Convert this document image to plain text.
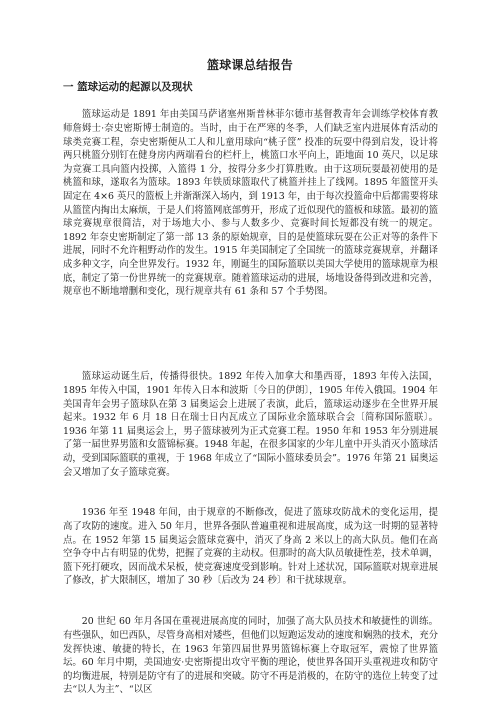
篮球课总结报告
一 篮球运动的起源以及现状

篮球运动是 1891 年由美国马萨诸塞州斯普林菲尔德市基督教青年会训练学校体育教师詹姆士·奈史密斯博士制造的。当时，由于在严寒的冬季，人们缺乏室内进展体育活动的球类竞赛工程，奈史密斯便从工人和儿童用球向“桃子筐” 投准的玩耍中得到启发，设计将两只桃篮分别钉在健身房内两端看台的栏杆上，桃篮口水平向上，距地面 10 英尺，以足球为竞赛工具向篮内投掷，入篮得 1 分，按得分多少打算胜败。由于这项玩耍最初使用的是桃篮和球，遂取名为篮球。1893 年铁质球篮取代了桃篮并挂上了线网。1895 年篮筐开头固定在 4×6 英尺的篮板上并渐渐深入场内，到 1913 年，由于每次投篮命中后都需要将球从篮筐内掏出太麻烦，于是人们将篮网底部剪开，形成了近似现代的篮板和球篮。最初的篮球竞赛规章很简洁，对于场地大小、参与人数多少、竞赛时间长短都没有统一的规定。1892 年奈史密斯制定了第一部 13 条的原始规章，目的是使篮球玩耍在公正对等的条件下进展，同时不允许粗野动作的发生。1915 年美国制定了全国统一的篮球竞赛规章，并翻译成多种文字，向全世界发行。1932 年，刚诞生的国际篮联以美国大学使用的篮球规章为根底，制定了第一份世界统一的竞赛规章。随着篮球运动的进展，场地设备得到改进和完善，规章也不断地增删和变化，现行规章共有 61 条和 57 个手势图。

篮球运动诞生后，传播得很快。1892 年传入加拿大和墨西哥，1893 年传入法国，1895 年传入中国，1901 年传入日本和波斯〔今日的伊朗〕，1905 年传入俄国。1904 年美国青年会男子篮球队在第 3 届奥运会上进展了表演，此后，篮球运动逐步在全世界开展起来。1932 年 6 月 18 日在瑞士日内瓦成立了国际业余篮球联合会〔简称国际篮联〕。1936 年第 11 届奥运会上，男子篮球被列为正式竞赛工程。1950 年和 1953 年分别进展了第一届世界男篮和女篮锦标赛。1948 年起，在很多国家的少年儿童中开头消灭小篮球活动，受到国际篮联的重视，于 1968 年成立了“国际小篮球委员会”。1976 年第 21 届奥运会又增加了女子篮球竞赛。

1936 年至 1948 年间，由于规章的不断修改，促进了篮球攻防战术的变化运用，提高了攻防的速度。进入 50 年月，世界各强队普遍重视和进展高度，成为这一时期的显著特点。在 1952 年第 15 届奥运会篮球竞赛中，消灭了身高 2 米以上的高大队员。他们在高空争夺中占有明显的优势，把握了竞赛的主动权。但那时的高大队员敏捷性差，技术单调，篮下死打硬攻，因而战术呆板，使竞赛速度受到影响。针对上述状况，国际篮联对规章进展了修改，扩大限制区，增加了 30 秒〔后改为 24 秒〕和干扰球规章。

20 世纪 60 年月各国在重视进展高度的同时，加强了高大队员技术和敏捷性的训练。有些强队，如巴西队，尽管身高相对矮些，但他们以短跑运发动的速度和娴熟的技术，充分发挥快速、敏捷的特长，在 1963 年第四届世界男篮锦标赛上夺取冠军，震惊了世界篮坛。60 年月中期，美国迪安·史密斯提出攻守平衡的理论，使世界各国开头重视进攻和防守的均衡进展，特别是防守有了的进展和突破。防守不再是消极的，在防守的选位上转变了过去“以人为主”、“以区
